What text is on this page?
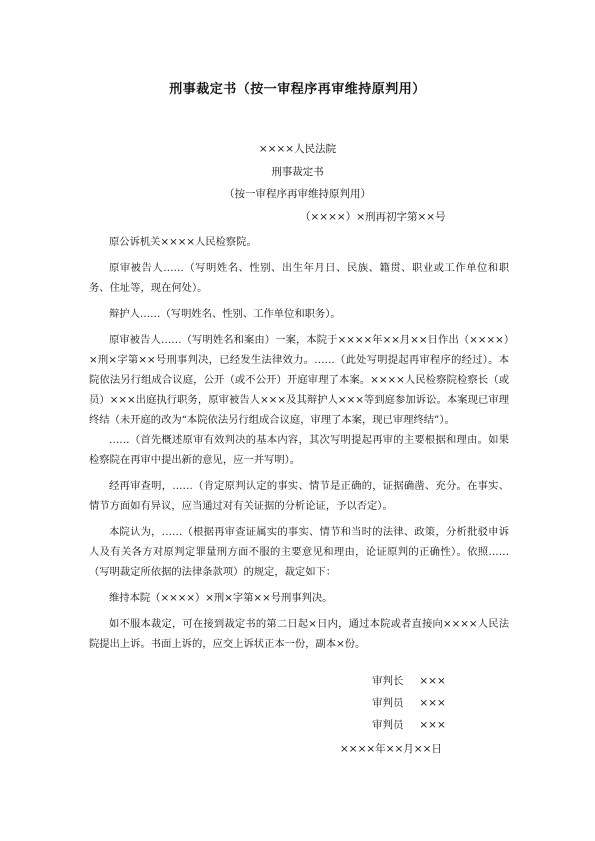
刑事裁定书（按一审程序再审维持原判用）
××××人民法院
刑事裁定书
（按一审程序再审维持原判用）
（××××）×刑再初字第××号

原公诉机关××××人民检察院。

原审被告人……（写明姓名、性别、出生年月日、民族、籍贯、职业或工作单位和职务、住址等，现在何处）。

辩护人……（写明姓名、性别、工作单位和职务）。

原审被告人……（写明姓名和案由）一案，本院于××××年××月××日作出（××××）×刑×字第××号刑事判决，已经发生法律效力。……（此处写明提起再审程序的经过）。本院依法另行组成合议庭，公开（或不公开）开庭审理了本案。××××人民检察院检察长（或员）×××出庭执行职务，原审被告人×××及其辩护人×××等到庭参加诉讼。本案现已审理终结（未开庭的改为“本院依法另行组成合议庭，审理了本案，现已审理终结”）。

……（首先概述原审有效判决的基本内容，其次写明提起再审的主要根据和理由。如果检察院在再审中提出新的意见，应一并写明）。

经再审查明，……（肯定原判认定的事实、情节是正确的，证据确凿、充分。在事实、情节方面如有异议，应当通过对有关证据的分析论证，予以否定）。

本院认为，……（根据再审查证属实的事实、情节和当时的法律、政策，分析批驳申诉人及有关各方对原判定罪量刑方面不服的主要意见和理由，论证原判的正确性）。依照……（写明裁定所依据的法律条款项）的规定，裁定如下：

维持本院（××××）×刑×字第××号刑事判决。

如不服本裁定，可在接到裁定书的第二日起×日内，通过本院或者直接向××××人民法院提出上诉。书面上诉的，应交上诉状正本一份，副本×份。

审判长 ×××
审判员 ×××
审判员 ×××
××××年××月××日
